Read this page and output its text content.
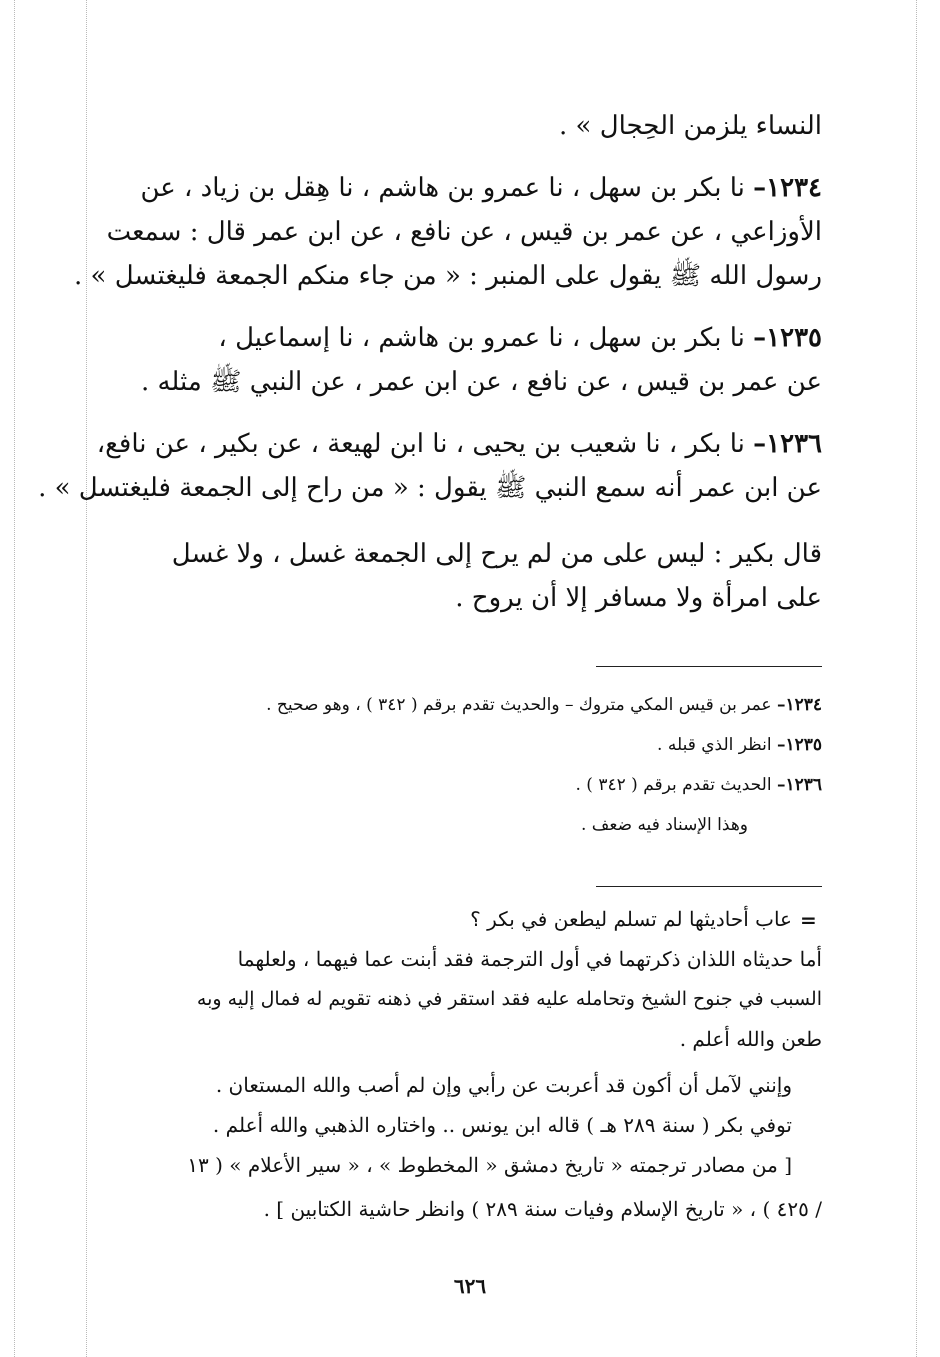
النساء يلزمن الحِجال » .
١٢٣٤– نا بكر بن سهل ، نا عمرو بن هاشم ، نا هِقل بن زياد ، عن
الأوزاعي ، عن عمر بن قيس ، عن نافع ، عن ابن عمر قال : سمعت
رسول الله ﷺ يقول على المنبر : « من جاء منكم الجمعة فليغتسل » .
١٢٣٥– نا بكر بن سهل ، نا عمرو بن هاشم ، نا إسماعيل ،
عن عمر بن قيس ، عن نافع ، عن ابن عمر ، عن النبي ﷺ مثله .
١٢٣٦– نا بكر ، نا شعيب بن يحيى ، نا ابن لهيعة ، عن بكير ، عن نافع،
عن ابن عمر أنه سمع النبي ﷺ يقول : « من راح إلى الجمعة فليغتسل » .
قال بكير : ليس على من لم يرح إلى الجمعة غسل ، ولا غسل
على امرأة ولا مسافر إلا أن يروح .
١٢٣٤– عمر بن قيس المكي متروك – والحديث تقدم برقم ( ٣٤٢ ) ، وهو صحيح .
١٢٣٥– انظر الذي قبله .
١٢٣٦– الحديث تقدم برقم ( ٣٤٢ ) .
وهذا الإسناد فيه ضعف .
=
عاب أحاديثها لم تسلم ليطعن في بكر ؟
أما حديثاه اللذان ذكرتهما في أول الترجمة فقد أبنت عما فيهما ، ولعلهما
السبب في جنوح الشيخ وتحامله عليه فقد استقر في ذهنه تقويم له فمال إليه وبه
طعن والله أعلم .
وإنني لآمل أن أكون قد أعربت عن رأبي وإن لم أصب والله المستعان .
توفي بكر ( سنة ٢٨٩ هـ ) قاله ابن يونس .. واختاره الذهبي والله أعلم .
[ من مصادر ترجمته « تاريخ دمشق « المخطوط » ، « سير الأعلام » ( ١٣
/ ٤٢٥ ) ، « تاريخ الإسلام وفيات سنة ٢٨٩ ) وانظر حاشية الكتابين ] .
٦٢٦
